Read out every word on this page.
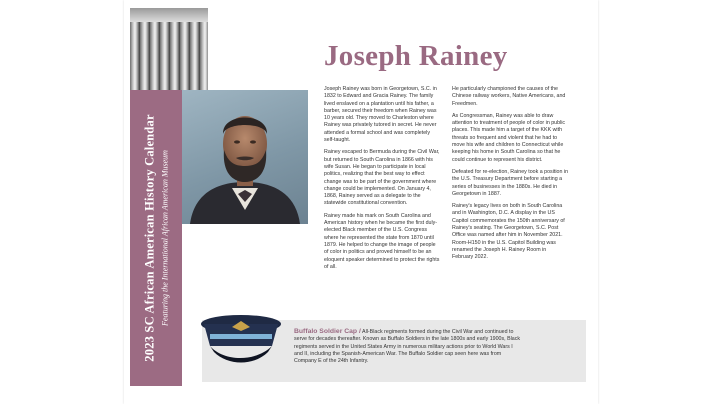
2023 SC African American History Calendar Featuring the International African American Museum
Joseph Rainey

Joseph Rainey was born in Georgetown, S.C. in 1832 to Edward and Gracia Rainey. The family lived enslaved on a plantation until his father, a barber, secured their freedom when Rainey was 10 years old. They moved to Charleston where Rainey was privately tutored in secret. He never attended a formal school and was completely self-taught.

Rainey escaped to Bermuda during the Civil War, but returned to South Carolina in 1866 with his wife Susan. He began to participate in local politics, realizing that the best way to effect change was to be part of the government where change could be implemented. On January 4, 1868, Rainey served as a delegate to the statewide constitutional convention.

Rainey made his mark on South Carolina and American history when he became the first duly-elected Black member of the U.S. Congress where he represented the state from 1870 until 1879. He helped to change the image of people of color in politics and proved himself to be an eloquent speaker determined to protect the rights of all.

He particularly championed the causes of the Chinese railway workers, Native Americans, and Freedmen.

As Congressman, Rainey was able to draw attention to treatment of people of color in public places. This made him a target of the KKK with threats so frequent and violent that he had to move his wife and children to Connecticut while keeping his home in South Carolina so that he could continue to represent his district.

Defeated for re-election, Rainey took a position in the U.S. Treasury Department before starting a series of businesses in the 1880s. He died in Georgetown in 1887.

Rainey's legacy lives on both in South Carolina and in Washington, D.C. A display in the US Capitol commemorates the 150th anniversary of Rainey's seating. The Georgetown, S.C. Post Office was named after him in November 2021. Room-H150 in the U.S. Capitol Building was renamed the Joseph H. Rainey Room in February 2022.

Buffalo Soldier Cap / All-Black regiments formed during the Civil War and continued to serve for decades thereafter. Known as Buffalo Soldiers in the late 1800s and early 1900s, Black regiments served in the United States Army in numerous military actions prior to World Wars I and II, including the Spanish-American War. The Buffalo Soldier cap seen here was from Company E of the 24th Infantry.
